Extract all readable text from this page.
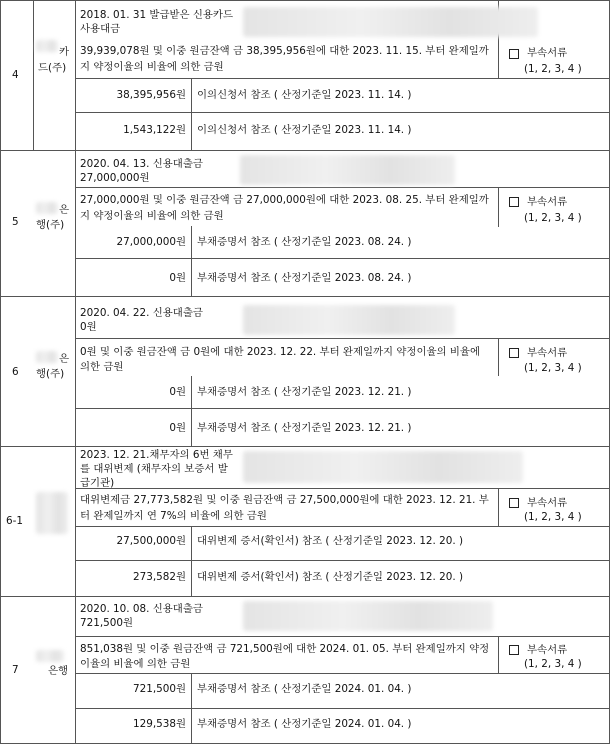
4
카
드(주)
2018. 01. 31 발급받은 신용카드
사용대금
39,939,078원 및 이중 원금잔액 금 38,395,956원에 대한 2023. 11. 15. 부터 완제일까
지 약정이율의 비율에 의한 금원
부속서류
(1, 2, 3, 4 )
38,395,956원 이의신청서 참조 ( 산정기준일 2023. 11. 14. )
1,543,122원 이의신청서 참조 ( 산정기준일 2023. 11. 14. )
5
은
행(주)
2020. 04. 13. 신용대출금
27,000,000원
27,000,000원 및 이중 원금잔액 금 27,000,000원에 대한 2023. 08. 25. 부터 완제일까
지 약정이율의 비율에 의한 금원
부속서류
(1, 2, 3, 4 )
27,000,000원 부채증명서 참조 ( 산정기준일 2023. 08. 24. )
0원 부채증명서 참조 ( 산정기준일 2023. 08. 24. )
6
은
행(주)
2020. 04. 22. 신용대출금
0원
0원 및 이중 원금잔액 금 0원에 대한 2023. 12. 22. 부터 완제일까지 약정이율의 비율에
의한 금원
부속서류
(1, 2, 3, 4 )
0원 부채증명서 참조 ( 산정기준일 2023. 12. 21. )
0원 부채증명서 참조 ( 산정기준일 2023. 12. 21. )
6-1
2023. 12. 21.채무자의 6번 채무
를 대위변제 (채무자의 보증서 발
급기관)
대위변제금 27,773,582원 및 이중 원금잔액 금 27,500,000원에 대한 2023. 12. 21. 부
터 완제일까지 연 7%의 비율에 의한 금원
부속서류
(1, 2, 3, 4 )
27,500,000원 대위변제 증서(확인서) 참조 ( 산정기준일 2023. 12. 20. )
273,582원 대위변제 증서(확인서) 참조 ( 산정기준일 2023. 12. 20. )
7	은행
2020. 10. 08. 신용대출금
721,500원
851,038원 및 이중 원금잔액 금 721,500원에 대한 2024. 01. 05. 부터 완제일까지 약정
이율의 비율에 의한 금원
부속서류
(1, 2, 3, 4 )
721,500원 부채증명서 참조 ( 산정기준일 2024. 01. 04. )
129,538원 부채증명서 참조 ( 산정기준일 2024. 01. 04. )
